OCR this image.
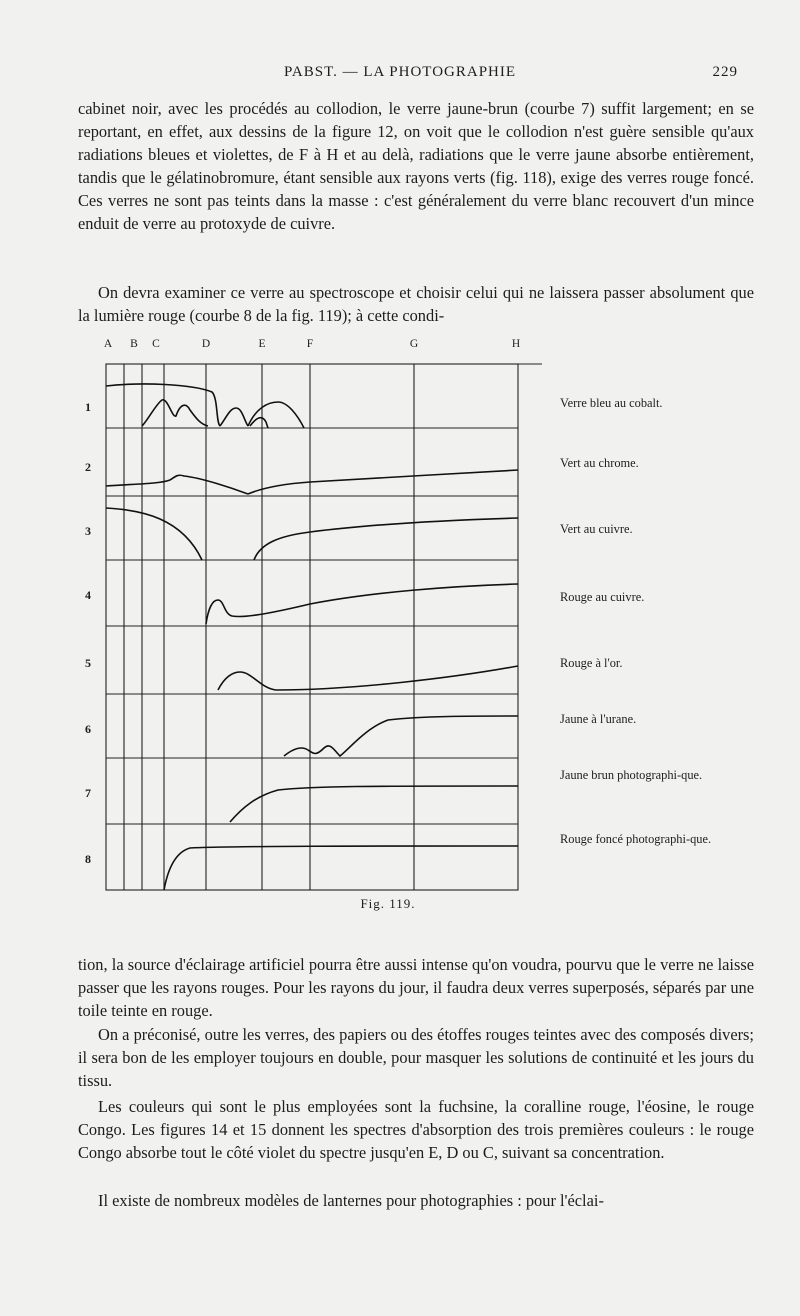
PABST. — LA PHOTOGRAPHIE	229

cabinet noir, avec les procédés au collodion, le verre jaune-brun (courbe 7) suffit largement; en se reportant, en effet, aux dessins de la figure 12, on voit que le collodion n'est guère sensible qu'aux radiations bleues et violettes, de F à H et au delà, radiations que le verre jaune absorbe entièrement, tandis que le gélatinobromure, étant sensible aux rayons verts (fig. 118), exige des verres rouge foncé. Ces verres ne sont pas teints dans la masse : c'est généralement du verre blanc recouvert d'un mince enduit de verre au protoxyde de cuivre.

On devra examiner ce verre au spectroscope et choisir celui qui ne laissera passer absolument que la lumière rouge (courbe 8 de la fig. 119); à cette condi-

A	B	C	D	E	F	G	H
1
2
3
4
5
6
7
8
Verre bleu au cobalt.
Vert au chrome.
Vert au cuivre.
Rouge au cuivre.
Rouge à l'or.
Jaune à l'urane.
Jaune brun photographi-que.
Rouge foncé photographi-que.
Fig. 119.

tion, la source d'éclairage artificiel pourra être aussi intense qu'on voudra, pourvu que le verre ne laisse passer que les rayons rouges. Pour les rayons du jour, il faudra deux verres superposés, séparés par une toile teinte en rouge.

On a préconisé, outre les verres, des papiers ou des étoffes rouges teintes avec des composés divers; il sera bon de les employer toujours en double, pour masquer les solutions de continuité et les jours du tissu.

Les couleurs qui sont le plus employées sont la fuchsine, la coralline rouge, l'éosine, le rouge Congo. Les figures 14 et 15 donnent les spectres d'absorption des trois premières couleurs : le rouge Congo absorbe tout le côté violet du spectre jusqu'en E, D ou C, suivant sa concentration.

Il existe de nombreux modèles de lanternes pour photographies : pour l'éclai-
